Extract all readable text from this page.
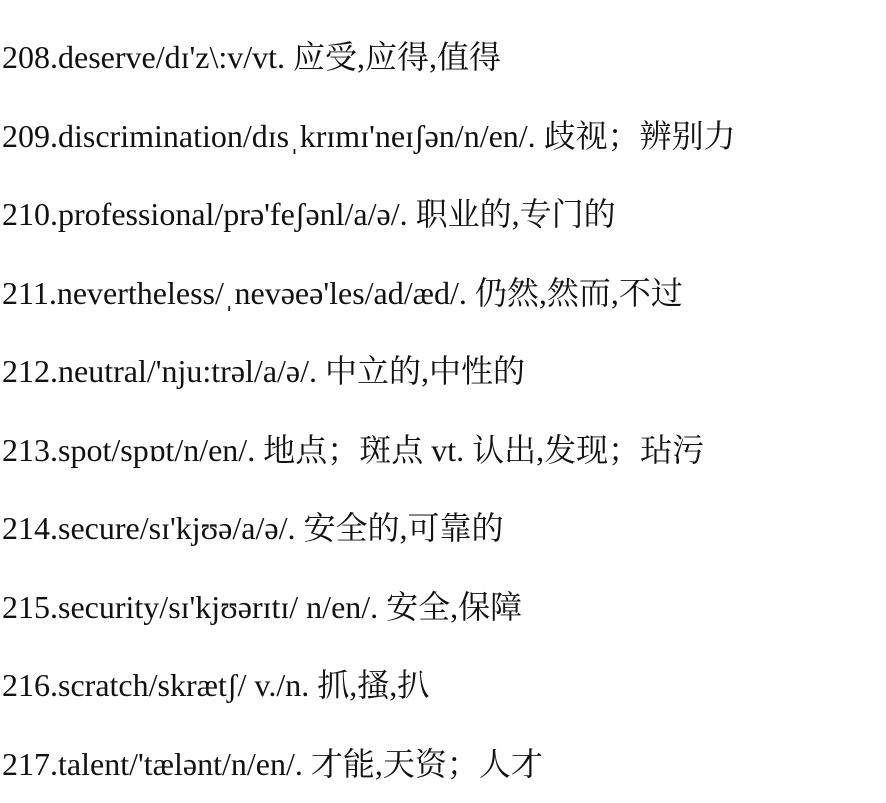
208.deserve/dɪ'z\:v/vt. 应受,应得,值得

209.discrimination/dɪsˌkrɪmɪ'neɪʃən/n/en/. 歧视；辨别力

210.professional/prə'feʃənl/a/ə/. 职业的,专门的

211.nevertheless/ˌnevəeə'les/ad/æd/. 仍然,然而,不过

212.neutral/'nju:trəl/a/ə/. 中立的,中性的

213.spot/spɒt/n/en/. 地点；斑点 vt. 认出,发现；玷污

214.secure/sɪ'kjʊə/a/ə/. 安全的,可靠的

215.security/sɪ'kjʊərɪtɪ/ n/en/. 安全,保障

216.scratch/skrætʃ/ v./n. 抓,搔,扒

217.talent/'tælənt/n/en/. 才能,天资；人才
